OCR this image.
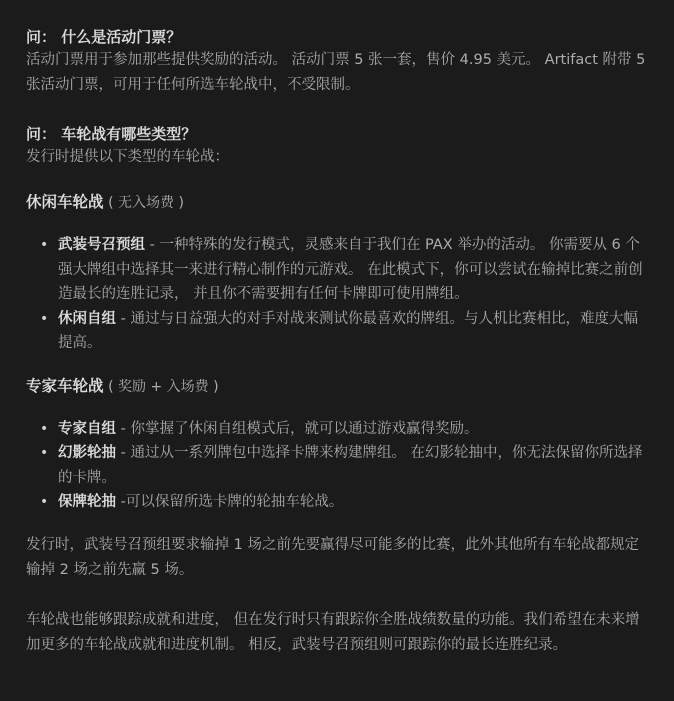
问： 什么是活动门票？
活动门票用于参加那些提供奖励的活动。 活动门票 5 张一套，售价 4.95 美元。 Artifact 附带 5 张活动门票，可用于任何所选车轮战中，不受限制。
问： 车轮战有哪些类型？
发行时提供以下类型的车轮战：
休闲车轮战 ( 无入场费 )
• 武装号召预组 - 一种特殊的发行模式，灵感来自于我们在 PAX 举办的活动。 你需要从 6 个强大牌组中选择其一来进行精心制作的元游戏。 在此模式下，你可以尝试在输掉比赛之前创造最长的连胜记录， 并且你不需要拥有任何卡牌即可使用牌组。
• 休闲自组 - 通过与日益强大的对手对战来测试你最喜欢的牌组。与人机比赛相比，难度大幅提高。
专家车轮战 ( 奖励 + 入场费 )
• 专家自组 - 你掌握了休闲自组模式后，就可以通过游戏赢得奖励。
• 幻影轮抽 - 通过从一系列牌包中选择卡牌来构建牌组。 在幻影轮抽中，你无法保留你所选择的卡牌。
• 保牌轮抽 -可以保留所选卡牌的轮抽车轮战。

发行时，武装号召预组要求输掉 1 场之前先要赢得尽可能多的比赛，此外其他所有车轮战都规定输掉 2 场之前先赢 5 场。

车轮战也能够跟踪成就和进度， 但在发行时只有跟踪你全胜战绩数量的功能。我们希望在未来增加更多的车轮战成就和进度机制。 相反，武装号召预组则可跟踪你的最长连胜纪录。
